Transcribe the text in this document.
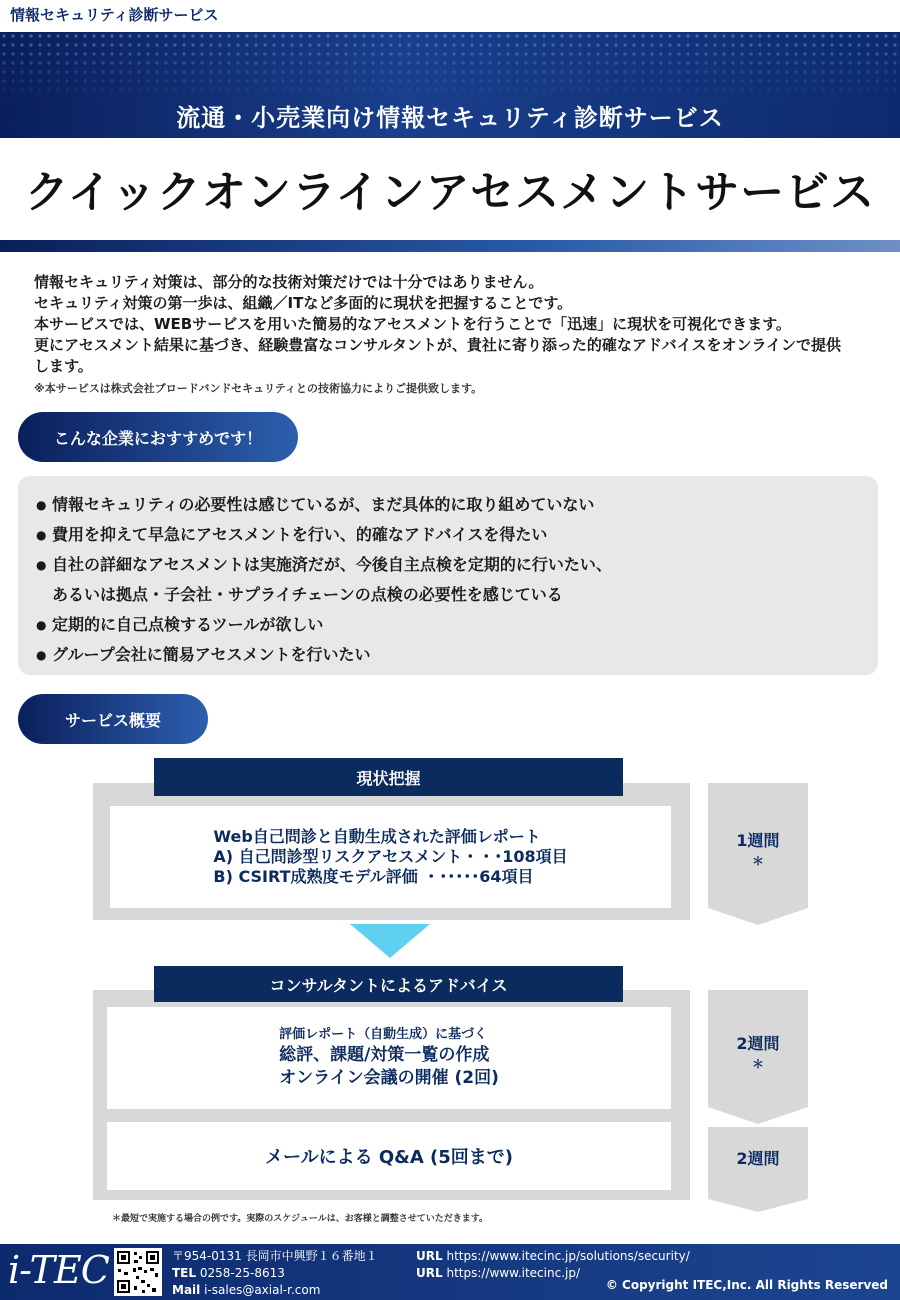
情報セキュリティ診断サービス
流通・小売業向け情報セキュリティ診断サービス
クイックオンラインアセスメントサービス

情報セキュリティ対策は、部分的な技術対策だけでは十分ではありません。

セキュリティ対策の第一歩は、組織／ITなど多面的に現状を把握することです。

本サービスでは、WEBサービスを用いた簡易的なアセスメントを行うことで「迅速」に現状を可視化できます。

更にアセスメント結果に基づき、経験豊富なコンサルタントが、貴社に寄り添った的確なアドバイスをオンラインで提供します。

※本サービスは株式会社ブロードバンドセキュリティとの技術協力によりご提供致します。
こんな企業におすすめです！
● 情報セキュリティの必要性は感じているが、まだ具体的に取り組めていない
● 費用を抑えて早急にアセスメントを行い、的確なアドバイスを得たい
● 自社の詳細なアセスメントは実施済だが、今後自主点検を定期的に行いたい、
あるいは拠点・子会社・サプライチェーンの点検の必要性を感じている
● 定期的に自己点検するツールが欲しい
● グループ会社に簡易アセスメントを行いたい
サービス概要
現状把握
Web自己問診と自動生成された評価レポート
A) 自己問診型リスクアセスメント・・･108項目
B) CSIRT成熟度モデル評価 ・･････64項目
1週間
＊
コンサルタントによるアドバイス
評価レポート（自動生成）に基づく
総評、課題/対策一覧の作成
オンライン会議の開催 (2回)
2週間
＊
メールによる Q&A (5回まで)	2週間
＊最短で実施する場合の例です。実際のスケジュールは、お客様と調整させていただきます。
i-TEC	〒954-0131 長岡市中興野１６番地１
TEL 0258-25-8613
Mail i-sales@axial-r.com
URL https://www.itecinc.jp/solutions/security/
URL https://www.itecinc.jp/
© Copyright ITEC,Inc. All Rights Reserved
